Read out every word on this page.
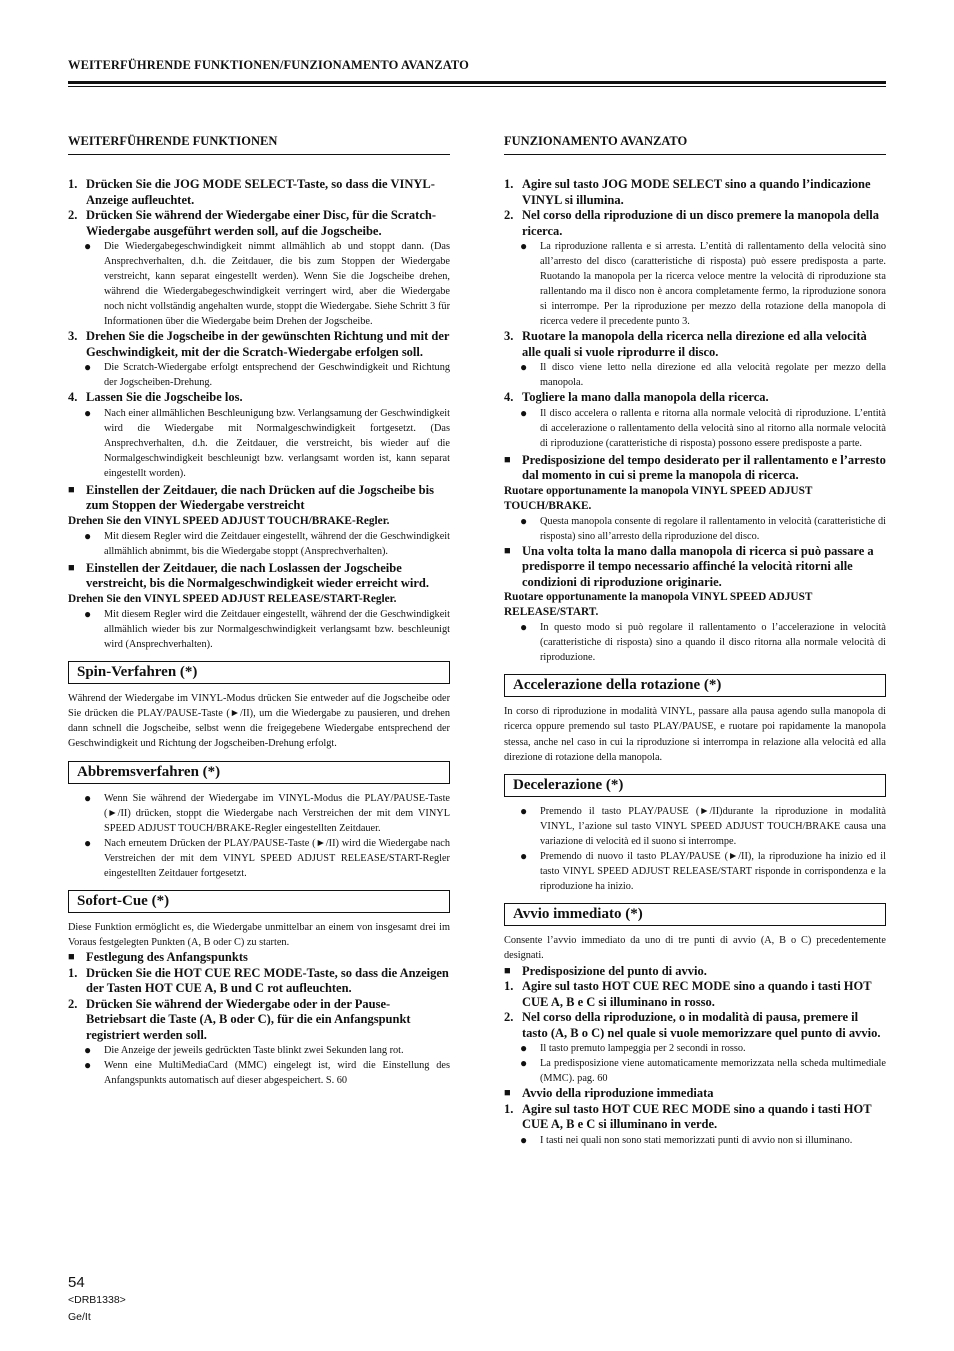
WEITERFÜHRENDE FUNKTIONEN/FUNZIONAMENTO AVANZATO
WEITERFÜHRENDE FUNKTIONEN
1. Drücken Sie die JOG MODE SELECT-Taste, so dass die VINYL-Anzeige aufleuchtet.
2. Drücken Sie während der Wiedergabe einer Disc, für die Scratch-Wiedergabe ausgeführt werden soll, auf die Jogscheibe.
●	Die Wiedergabegeschwindigkeit nimmt allmählich ab und stoppt dann. (Das Ansprechverhalten, d.h. die Zeitdauer, die bis zum Stoppen der Wiedergabe verstreicht, kann separat eingestellt werden). Wenn Sie die Jogscheibe drehen, während die Wiedergabegeschwindigkeit verringert wird, aber die Wiedergabe noch nicht vollständig angehalten wurde, stoppt die Wiedergabe. Siehe Schritt 3 für Informationen über die Wiedergabe beim Drehen der Jogscheibe.
3. Drehen Sie die Jogscheibe in der gewünschten Richtung und mit der Geschwindigkeit, mit der die Scratch-Wiedergabe erfolgen soll.
●	Die Scratch-Wiedergabe erfolgt entsprechend der Geschwindigkeit und Richtung der Jogscheiben-Drehung.
4. Lassen Sie die Jogscheibe los.
●	Nach einer allmählichen Beschleunigung bzw. Verlangsamung der Geschwindigkeit wird die Wiedergabe mit Normalgeschwindigkeit fortgesetzt. (Das Ansprechverhalten, d.h. die Zeitdauer, die verstreicht, bis wieder auf die Normalgeschwindigkeit beschleunigt bzw. verlangsamt worden ist, kann separat eingestellt worden).
■ Einstellen der Zeitdauer, die nach Drücken auf die Jogscheibe bis zum Stoppen der Wiedergabe verstreicht
Drehen Sie den VINYL SPEED ADJUST TOUCH/BRAKE-Regler.
●	Mit diesem Regler wird die Zeitdauer eingestellt, während der die Geschwindigkeit allmählich abnimmt, bis die Wiedergabe stoppt (Ansprechverhalten).
■ Einstellen der Zeitdauer, die nach Loslassen der Jogscheibe verstreicht, bis die Normalgeschwindigkeit wieder erreicht wird.
Drehen Sie den VINYL SPEED ADJUST RELEASE/START-Regler.
●	Mit diesem Regler wird die Zeitdauer eingestellt, während der die Geschwindigkeit allmählich wieder bis zur Normalgeschwindigkeit verlangsamt bzw. beschleunigt wird (Ansprechverhalten).
Spin-Verfahren (*)
Während der Wiedergabe im VINYL-Modus drücken Sie entweder auf die Jogscheibe oder Sie drücken die PLAY/PAUSE-Taste (►/II), um die Wiedergabe zu pausieren, und drehen dann schnell die Jogscheibe, selbst wenn die freigegebene Wiedergabe entsprechend der Geschwindigkeit und Richtung der Jogscheiben-Drehung erfolgt.
Abbremsverfahren (*)
●	Wenn Sie während der Wiedergabe im VINYL-Modus die PLAY/PAUSE-Taste (►/II) drücken, stoppt die Wiedergabe nach Verstreichen der mit dem VINYL SPEED ADJUST TOUCH/BRAKE-Regler eingestellten Zeitdauer.
●	Nach erneutem Drücken der PLAY/PAUSE-Taste (►/II) wird die Wiedergabe nach Verstreichen der mit dem VINYL SPEED ADJUST RELEASE/START-Regler eingestellten Zeitdauer fortgesetzt.
Sofort-Cue (*)
Diese Funktion ermöglicht es, die Wiedergabe unmittelbar an einem von insgesamt drei im Voraus festgelegten Punkten (A, B oder C) zu starten.
■ Festlegung des Anfangspunkts
1. Drücken Sie die HOT CUE REC MODE-Taste, so dass die Anzeigen der Tasten HOT CUE A, B und C rot aufleuchten.
2. Drücken Sie während der Wiedergabe oder in der Pause-Betriebsart die Taste (A, B oder C), für die ein Anfangspunkt registriert werden soll.
●	Die Anzeige der jeweils gedrückten Taste blinkt zwei Sekunden lang rot.
●	Wenn eine MultiMediaCard (MMC) eingelegt ist, wird die Einstellung des Anfangspunkts automatisch auf dieser abgespeichert. S. 60
FUNZIONAMENTO AVANZATO
1. Agire sul tasto JOG MODE SELECT sino a quando l’indicazione VINYL si illumina.
2. Nel corso della riproduzione di un disco premere la manopola della ricerca.
●	La riproduzione rallenta e si arresta. L’entità di rallentamento della velocità sino all’arresto del disco (caratteristiche di risposta) può essere predisposta a parte. Ruotando la manopola per la ricerca veloce mentre la velocità di riproduzione sta rallentando ma il disco non è ancora completamente fermo, la riproduzione sonora si interrompe. Per la riproduzione per mezzo della rotazione della manopola di ricerca vedere il precedente punto 3.
3. Ruotare la manopola della ricerca nella direzione ed alla velocità alle quali si vuole riprodurre il disco.
●	Il disco viene letto nella direzione ed alla velocità regolate per mezzo della manopola.
4. Togliere la mano dalla manopola della ricerca.
●	Il disco accelera o rallenta e ritorna alla normale velocità di riproduzione. L’entità di accelerazione o rallentamento della velocità sino al ritorno alla normale velocità di riproduzione (caratteristiche di risposta) possono essere predisposte a parte.
■ Predisposizione del tempo desiderato per il rallentamento e l’arresto dal momento in cui si preme la manopola di ricerca.
Ruotare opportunamente la manopola VINYL SPEED ADJUST TOUCH/BRAKE.
●	Questa manopola consente di regolare il rallentamento in velocità (caratteristiche di risposta) sino all’arresto della riproduzione del disco.
■ Una volta tolta la mano dalla manopola di ricerca si può passare a predisporre il tempo necessario affinché la velocità ritorni alle condizioni di riproduzione originarie.
Ruotare opportunamente la manopola VINYL SPEED ADJUST RELEASE/START.
●	In questo modo si può regolare il rallentamento o l’accelerazione in velocità (caratteristiche di risposta) sino a quando il disco ritorna alla normale velocità di riproduzione.
Accelerazione della rotazione (*)
In corso di riproduzione in modalità VINYL, passare alla pausa agendo sulla manopola di ricerca oppure premendo sul tasto PLAY/PAUSE, e ruotare poi rapidamente la manopola stessa, anche nel caso in cui la riproduzione si interrompa in relazione alla velocità ed alla direzione di rotazione della manopola.
Decelerazione (*)
●	Premendo il tasto PLAY/PAUSE (►/II)durante la riproduzione in modalità VINYL, l’azione sul tasto VINYL SPEED ADJUST TOUCH/BRAKE causa una variazione di velocità ed il suono si interrompe.
●	Premendo di nuovo il tasto PLAY/PAUSE (►/II), la riproduzione ha inizio ed il tasto VINYL SPEED ADJUST RELEASE/START risponde in corrispondenza e la riproduzione ha inizio.
Avvio immediato (*)
Consente l’avvio immediato da uno di tre punti di avvio (A, B o C) precedentemente designati.
■ Predisposizione del punto di avvio.
1. Agire sul tasto HOT CUE REC MODE sino a quando i tasti HOT CUE A, B e C si illuminano in rosso.
2. Nel corso della riproduzione, o in modalità di pausa, premere il tasto (A, B o C) nel quale si vuole memorizzare quel punto di avvio.
●	Il tasto premuto lampeggia per 2 secondi in rosso.
●	La predisposizione viene automaticamente memorizzata nella scheda multimediale (MMC). pag. 60
■ Avvio della riproduzione immediata
1. Agire sul tasto HOT CUE REC MODE sino a quando i tasti HOT CUE A, B e C si illuminano in verde.
●	I tasti nei quali non sono stati memorizzati punti di avvio non si illuminano.
54
<DRB1338>
Ge/It
